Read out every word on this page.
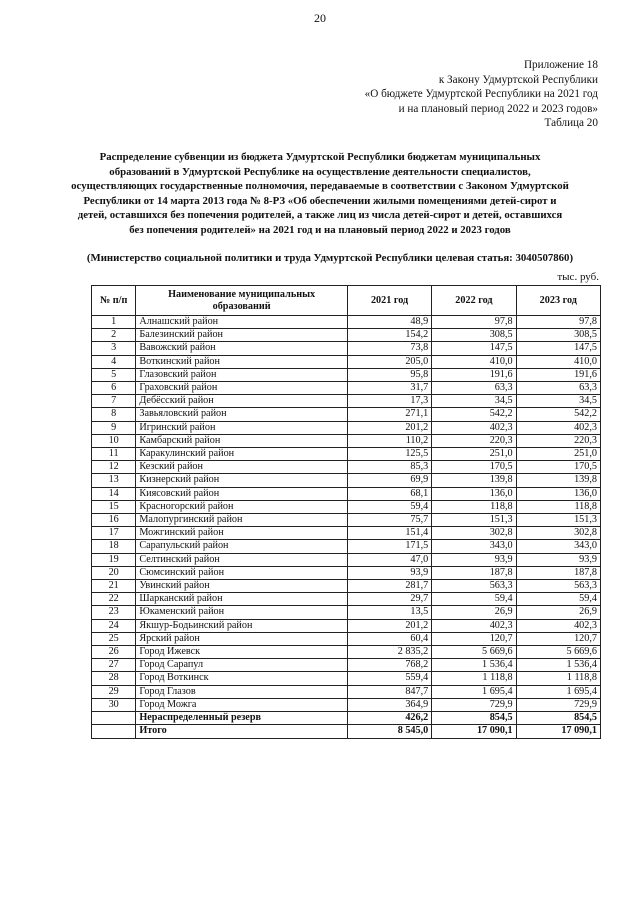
20
Приложение 18
к Закону Удмуртской Республики
«О бюджете Удмуртской Республики на 2021 год
и на плановый период 2022 и 2023 годов»
Таблица 20
Распределение субвенции из бюджета Удмуртской Республики бюджетам муниципальных образований в Удмуртской Республике на осуществление деятельности специалистов, осуществляющих государственные полномочия, передаваемые в соответствии с Законом Удмуртской Республики от 14 марта 2013 года № 8-РЗ «Об обеспечении жилыми помещениями детей-сирот и детей, оставшихся без попечения родителей, а также лиц из числа детей-сирот и детей, оставшихся без попечения родителей» на 2021 год и на плановый период 2022 и 2023 годов
(Министерство социальной политики и труда Удмуртской Республики целевая статья: 3040507860)
тыс. руб.
№ п/п	Наименование муниципальных образований	2021 год	2022 год	2023 год
1	Алнашский район	48,9	97,8	97,8
2	Балезинский район	154,2	308,5	308,5
3	Вавожский район	73,8	147,5	147,5
4	Воткинский район	205,0	410,0	410,0
5	Глазовский район	95,8	191,6	191,6
6	Граховский район	31,7	63,3	63,3
7	Дебёсский район	17,3	34,5	34,5
8	Завьяловский район	271,1	542,2	542,2
9	Игринский район	201,2	402,3	402,3
10	Камбарский район	110,2	220,3	220,3
11	Каракулинский район	125,5	251,0	251,0
12	Кезский район	85,3	170,5	170,5
13	Кизнерский район	69,9	139,8	139,8
14	Киясовский район	68,1	136,0	136,0
15	Красногорский район	59,4	118,8	118,8
16	Малопургинский район	75,7	151,3	151,3
17	Можгинский район	151,4	302,8	302,8
18	Сарапульский район	171,5	343,0	343,0
19	Селтинский район	47,0	93,9	93,9
20	Сюмсинский район	93,9	187,8	187,8
21	Увинский район	281,7	563,3	563,3
22	Шарканский район	29,7	59,4	59,4
23	Юкаменский район	13,5	26,9	26,9
24	Якшур-Бодьинский район	201,2	402,3	402,3
25	Ярский район	60,4	120,7	120,7
26	Город Ижевск	2 835,2	5 669,6	5 669,6
27	Город Сарапул	768,2	1 536,4	1 536,4
28	Город Воткинск	559,4	1 118,8	1 118,8
29	Город Глазов	847,7	1 695,4	1 695,4
30	Город Можга	364,9	729,9	729,9
	Нераспределенный резерв	426,2	854,5	854,5
	Итого	8 545,0	17 090,1	17 090,1
